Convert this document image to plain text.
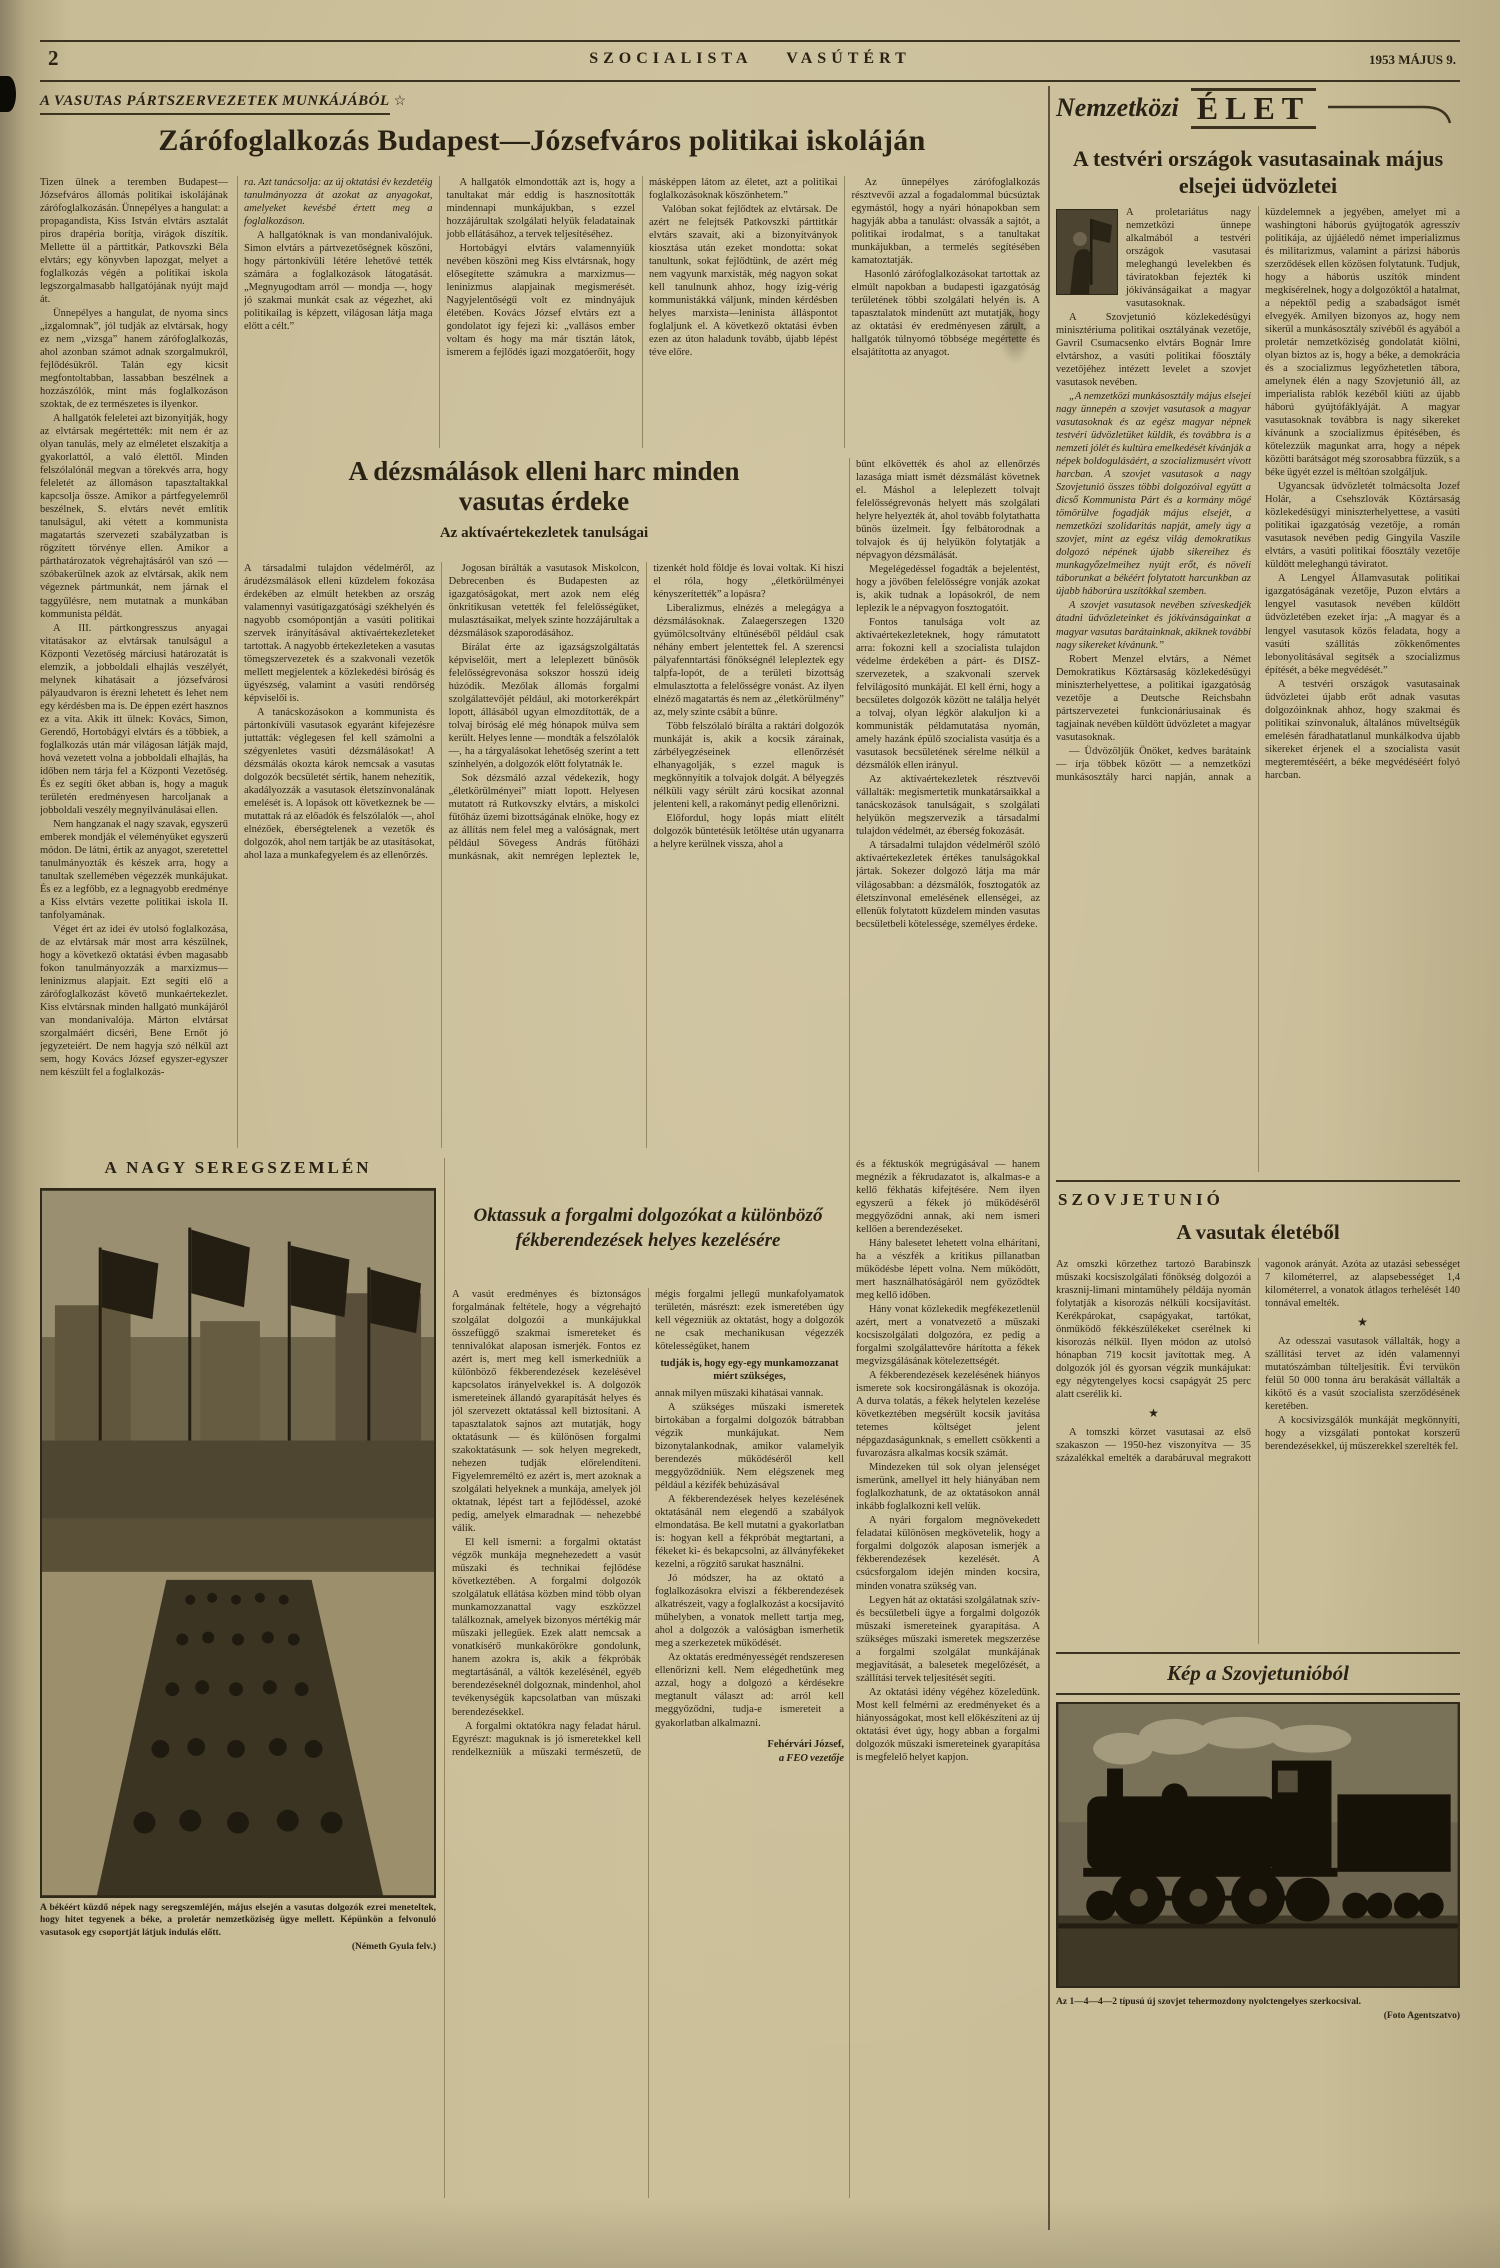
2	SZOCIALISTA VASÚTÉRT	1953 MÁJUS 9.
A VASUTAS PÁRTSZERVEZETEK MUNKÁJÁBÓL ☆	Nemzetközi ÉLET
Zárófoglalkozás Budapest—Józsefváros politikai iskoláján

Tizen ülnek a teremben Budapest—Józsefváros állomás politikai iskolájának zárófoglalkozásán. Ünnepélyes a hangulat: a propagandista, Kiss István elvtárs asztalát piros drapéria borítja, virágok díszítik. Mellette ül a párttitkár, Patkovszki Béla elvtárs; egy könyvben lapozgat, melyet a foglalkozás végén a politikai iskola legszorgalmasabb hallgatójának nyújt majd át.

Ünnepélyes a hangulat, de nyoma sincs „izgalomnak”, jól tudják az elvtársak, hogy ez nem „vizsga” hanem zárófoglalkozás, ahol azonban számot adnak szorgalmukról, fejlődésükről. Talán egy kicsit megfontoltabban, lassabban beszélnek a hozzászólók, mint más foglalkozáson szoktak, de ez természetes is ilyenkor.

A hallgatók feleletei azt bizonyítják, hogy az elvtársak megértették: mit nem ér az olyan tanulás, mely az elméletet elszakítja a gyakorlattól, a való élettől. Minden felszólalónál megvan a törekvés arra, hogy feleletét az állomáson tapasztaltakkal kapcsolja össze. Amikor a pártfegyelemről beszélnek, S. elvtárs nevét említik tanulságul, aki vétett a kommunista magatartás szervezeti szabályzatban is rögzített törvénye ellen. Amikor a párthatározatok végrehajtásáról van szó — szóbakerülnek azok az elvtársak, akik nem végeznek pártmunkát, nem járnak el taggyűlésre, nem mutatnak a munkában kommunista példát.

A III. pártkongresszus anyagai vitatásakor az elvtársak tanulságul a Központi Vezetőség márciusi határozatát is elemzik, a jobboldali elhajlás veszélyét, melynek kihatásait a józsefvárosi pályaudvaron is érezni lehetett és lehet nem egy kérdésben ma is. De éppen ezért hasznos ez a vita. Akik itt ülnek: Kovács, Simon, Gerendő, Hortobágyi elvtárs és a többiek, a foglalkozás után már világosan látják majd, hová vezetett volna a jobboldali elhajlás, ha időben nem tárja fel a Központi Vezetőség. És ez segíti őket abban is, hogy a maguk területén eredményesen harcoljanak a jobboldali veszély megnyilvánulásai ellen.

Nem hangzanak el nagy szavak, egyszerű emberek mondják el véleményüket egyszerű módon. De látni, értik az anyagot, szeretettel tanulmányozták és készek arra, hogy a tanultak szellemében végezzék munkájukat. És ez a legfőbb, ez a legnagyobb eredménye a Kiss elvtárs vezette politikai iskola II. tanfolyamának.

Véget ért az idei év utolsó foglalkozása, de az elvtársak már most arra készülnek, hogy a következő oktatási évben magasabb fokon tanulmányozzák a marxizmus—leninizmus alapjait. Ezt segíti elő a zárófoglalkozást követő munkaértekezlet. Kiss elvtársnak minden hallgató munkájáról van mondanivalója. Márton elvtársat szorgalmáért dicséri, Bene Ernőt jó jegyzeteiért. De nem hagyja szó nélkül azt sem, hogy Kovács József egyszer-egyszer nem készült fel a foglalkozás-

ra. Azt tanácsolja: az új oktatási év kezdetéig tanulmányozza át azokat az anyagokat, amelyeket kevésbé értett meg a foglalkozáson.

A hallgatóknak is van mondanivalójuk. Simon elvtárs a pártvezetőségnek köszöni, hogy pártonkívüli létére lehetővé tették számára a foglalkozások látogatását. „Megnyugodtam arról — mondja —, hogy jó szakmai munkát csak az végezhet, aki politikailag is képzett, világosan látja maga előtt a célt.”

A hallgatók elmondották azt is, hogy a tanultakat már eddig is hasznosították mindennapi munkájukban, s ezzel hozzájárultak szolgálati helyük feladatainak jobb ellátásához, a tervek teljesítéséhez.

Hortobágyi elvtárs valamennyiük nevében köszöni meg Kiss elvtársnak, hogy elősegítette számukra a marxizmus—leninizmus alapjainak megismerését. Nagyjelentőségű volt ez mindnyájuk életében. Kovács József elvtárs ezt a gondolatot így fejezi ki: „vallásos ember voltam és hogy ma már tisztán látok, ismerem a fejlődés igazi mozgatóerőit, hogy másképpen látom az életet, azt a politikai foglalkozásoknak köszönhetem.”

Valóban sokat fejlődtek az elvtársak. De azért ne felejtsék Patkovszki párttitkár elvtárs szavait, aki a bizonyítványok kiosztása után ezeket mondotta: sokat tanultunk, sokat fejlődtünk, de azért még nem vagyunk marxisták, még nagyon sokat kell tanulnunk ahhoz, hogy ízig-vérig kommunistákká váljunk, minden kérdésben helyes marxista—leninista álláspontot foglaljunk el. A következő oktatási évben ezen az úton haladunk tovább, újabb lépést téve előre.

Az ünnepélyes zárófoglalkozás résztvevői azzal a fogadalommal búcsúztak egymástól, hogy a nyári hónapokban sem hagyják abba a tanulást: olvassák a sajtót, a politikai irodalmat, s a tanultakat munkájukban, a termelés segítésében kamatoztatják.

Hasonló zárófoglalkozásokat tartottak az elmúlt napokban a budapesti igazgatóság területének többi szolgálati helyén is. A tapasztalatok mindenütt azt mutatják, hogy az oktatási év eredményesen zárult, a hallgatók túlnyomó többsége megértette és elsajátította az anyagot.

A dézsmálások elleni harc minden vasutas érdeke
Az aktívaértekezletek tanulságai

A társadalmi tulajdon védelméről, az árudézsmálások elleni küzdelem fokozása érdekében az elmúlt hetekben az ország valamennyi vasútigazgatósági székhelyén és nagyobb csomópontján a vasúti politikai szervek irányításával aktívaértekezleteket tartottak. A nagyobb értekezleteken a vasutas tömegszervezetek és a szakvonali vezetők mellett megjelentek a közlekedési bíróság és ügyészség, valamint a vasúti rendőrség képviselői is.

A tanácskozásokon a kommunista és pártonkívüli vasutasok egyaránt kifejezésre juttatták: véglegesen fel kell számolni a szégyenletes vasúti dézsmálásokat! A dézsmálás okozta károk nemcsak a vasutas dolgozók becsületét sértik, hanem nehezítik, akadályozzák a vasutasok életszínvonalának emelését is. A lopások ott következnek be — mutattak rá az előadók és felszólalók —, ahol elnézőek, éberségtelenek a vezetők és dolgozók, ahol nem tartják be az utasításokat, ahol laza a munkafegyelem és az ellenőrzés.

Jogosan bírálták a vasutasok Miskolcon, Debrecenben és Budapesten az igazgatóságokat, mert azok nem elég önkritikusan vetették fel felelősségüket, mulasztásaikat, melyek szinte hozzájárultak a dézsmálások szaporodásához.

Bírálat érte az igazságszolgáltatás képviselőit, mert a leleplezett bűnösök felelősségrevonása sokszor hosszú ideig húzódik. Mezőlak állomás forgalmi szolgálattevőjét például, aki motorkerékpárt lopott, állásából ugyan elmozdították, de a tolvaj bíróság elé még hónapok múlva sem került. Helyes lenne — mondták a felszólalók —, ha a tárgyalásokat lehetőség szerint a tett színhelyén, a dolgozók előtt folytatnák le.

Sok dézsmáló azzal védekezik, hogy „életkörülményei” miatt lopott. Helyesen mutatott rá Rutkovszky elvtárs, a miskolci fűtőház üzemi bizottságának elnöke, hogy ez az állítás nem felel meg a valóságnak, mert például Sövegess András fűtőházi munkásnak, akit nemrégen lepleztek le, tizenkét hold földje és lovai voltak. Ki hiszi el róla, hogy „életkörülményei kényszerítették” a lopásra?

Liberalizmus, elnézés a melegágya a dézsmálásoknak. Zalaegerszegen 1320 gyümölcsoltvány eltűnéséből például csak néhány embert jelentettek fel. A szerencsi pályafenntartási főnökségnél lelepleztek egy talpfa-lopót, de a területi bizottság elmulasztotta a felelősségre vonást. Az ilyen elnéző magatartás és nem az „életkörülmény” az, mely szinte csábít a bűnre.

Több felszólaló bírálta a raktári dolgozók munkáját is, akik a kocsik zárainak, zárbélyegzéseinek ellenőrzését elhanyagolják, s ezzel maguk is megkönnyítik a tolvajok dolgát. A bélyegzés nélküli vagy sérült zárú kocsikat azonnal jelenteni kell, a rakományt pedig ellenőrizni.

Előfordul, hogy lopás miatt elítélt dolgozók büntetésük letöltése után ugyanarra a helyre kerülnek vissza, ahol a

bűnt elkövették és ahol az ellenőrzés lazasága miatt ismét dézsmálást követnek el. Máshol a leleplezett tolvajt felelősségrevonás helyett más szolgálati helyre helyezték át, ahol tovább folytathatta bűnös üzelmeit. Így felbátorodnak a tolvajok és új helyükön folytatják a népvagyon dézsmálását.

Megelégedéssel fogadták a bejelentést, hogy a jövőben felelősségre vonják azokat is, akik tudnak a lopásokról, de nem leplezik le a népvagyon fosztogatóit.

Fontos tanulsága volt az aktívaértekezleteknek, hogy rámutatott arra: fokozni kell a szocialista tulajdon védelme érdekében a párt- és DISZ-szervezetek, a szakvonali szervek felvilágosító munkáját. El kell érni, hogy a becsületes dolgozók között ne találja helyét a tolvaj, olyan légkör alakuljon ki a kommunisták példamutatása nyomán, amely hazánk épülő szocialista vasútja és a vasutasok becsületének sérelme nélkül a dézsmálók ellen irányul.

Az aktívaértekezletek résztvevői vállalták: megismertetik munkatársaikkal a tanácskozások tanulságait, s szolgálati helyükön megszervezik a társadalmi tulajdon védelmét, az éberség fokozását.

A társadalmi tulajdon védelméről szóló aktívaértekezletek értékes tanulságokkal jártak. Sokezer dolgozó látja ma már világosabban: a dézsmálók, fosztogatók az életszínvonal emelésének ellenségei, az ellenük folytatott küzdelem minden vasutas becsületbeli kötelessége, személyes érdeke.

A NAGY SEREGSZEMLÉN
A békéért küzdő népek nagy seregszemléjén, május elsején a vasutas dolgozók ezrei meneteltek, hogy hitet tegyenek a béke, a proletár nemzetköziség ügye mellett. Képünkön a felvonuló vasutasok egy csoportját látjuk indulás előtt.
(Németh Gyula felv.)
Oktassuk a forgalmi dolgozókat a különböző fékberendezések helyes kezelésére

A vasút eredményes és biztonságos forgalmának feltétele, hogy a végrehajtó szolgálat dolgozói a munkájukkal összefüggő szakmai ismereteket és tennivalókat alaposan ismerjék. Fontos ez azért is, mert meg kell ismerkedniük a különböző fékberendezések kezelésével kapcsolatos irányelvekkel is. A dolgozók ismereteinek állandó gyarapítását helyes és jól szervezett oktatással kell biztosítani. A tapasztalatok sajnos azt mutatják, hogy oktatásunk — és különösen forgalmi szakoktatásunk — sok helyen megrekedt, nehezen tudják előrelendíteni. Figyelemreméltó ez azért is, mert azoknak a szolgálati helyeknek a munkája, amelyek jól oktatnak, lépést tart a fejlődéssel, azoké pedig, amelyek elmaradnak — nehezebbé válik.

El kell ismerni: a forgalmi oktatást végzők munkája megnehezedett a vasút műszaki és technikai fejlődése következtében. A forgalmi dolgozók szolgálatuk ellátása közben mind több olyan munkamozzanattal vagy eszközzel találkoznak, amelyek bizonyos mértékig már műszaki jellegűek. Ezek alatt nemcsak a vonatkísérő munkakörökre gondolunk, hanem azokra is, akik a fékpróbák megtartásánál, a váltók kezelésénél, egyéb berendezéseknél dolgoznak, mindenhol, ahol tevékenységük kapcsolatban van műszaki berendezésekkel.

A forgalmi oktatókra nagy feladat hárul. Egyrészt: maguknak is jó ismeretekkel kell rendelkezniük a műszaki természetű, de mégis forgalmi jellegű munkafolyamatok területén, másrészt: ezek ismeretében úgy kell végezniük az oktatást, hogy a dolgozók ne csak mechanikusan végezzék kötelességüket, hanem

tudják is, hogy egy-egy munkamozzanat miért szükséges,

annak milyen műszaki kihatásai vannak.

A szükséges műszaki ismeretek birtokában a forgalmi dolgozók bátrabban végzik munkájukat. Nem bizonytalankodnak, amikor valamelyik berendezés működéséről kell meggyőződniük. Nem elégszenek meg például a kézifék behúzásával

A fékberendezések helyes kezelésének oktatásánál nem elegendő a szabályok elmondatása. Be kell mutatni a gyakorlatban is: hogyan kell a fékpróbát megtartani, a fékeket ki- és bekapcsolni, az állványfékeket kezelni, a rögzítő sarukat használni.

Jó módszer, ha az oktató a foglalkozásokra elviszi a fékberendezések alkatrészeit, vagy a foglalkozást a kocsijavító műhelyben, a vonatok mellett tartja meg, ahol a dolgozók a valóságban ismerhetik meg a szerkezetek működését.

Az oktatás eredményességét rendszeresen ellenőrizni kell. Nem elégedhetünk meg azzal, hogy a dolgozó a kérdésekre megtanult választ ad: arról kell meggyőződni, tudja-e ismereteit a gyakorlatban alkalmazni.

Fehérvári József,

a FEO vezetője

és a féktuskók megrúgásával — hanem megnézik a fékrudazatot is, alkalmas-e a kellő fékhatás kifejtésére. Nem ilyen egyszerű a fékek jó működéséről meggyőződni annak, aki nem ismeri kellően a berendezéseket.

Hány balesetet lehetett volna elhárítani, ha a vészfék a kritikus pillanatban működésbe lépett volna. Nem működött, mert használhatóságáról nem győződtek meg kellő időben.

Hány vonat közlekedik megfékezetlenül azért, mert a vonatvezető a műszaki kocsiszolgálati dolgozóra, ez pedig a forgalmi szolgálattevőre hárította a fékek megvizsgálásának kötelezettségét.

A fékberendezések kezelésének hiányos ismerete sok kocsirongálásnak is okozója. A durva tolatás, a fékek helytelen kezelése következtében megsérült kocsik javítása tetemes költséget jelent népgazdaságunknak, s emellett csökkenti a fuvarozásra alkalmas kocsik számát.

Mindezeken túl sok olyan jelenséget ismerünk, amellyel itt hely hiányában nem foglalkozhatunk, de az oktatásokon annál inkább foglalkozni kell velük.

A nyári forgalom megnövekedett feladatai különösen megkövetelik, hogy a forgalmi dolgozók alaposan ismerjék a fékberendezések kezelését. A csúcsforgalom idején minden kocsira, minden vonatra szükség van.

Legyen hát az oktatási szolgálatnak szív- és becsületbeli ügye a forgalmi dolgozók műszaki ismereteinek gyarapítása. A szükséges műszaki ismeretek megszerzése a forgalmi szolgálat munkájának megjavítását, a balesetek megelőzését, a szállítási tervek teljesítését segíti.

Az oktatási idény végéhez közeledünk. Most kell felmérni az eredményeket és a hiányosságokat, most kell előkészíteni az új oktatási évet úgy, hogy abban a forgalmi dolgozók műszaki ismereteinek gyarapítása is megfelelő helyet kapjon.

A testvéri országok vasutasainak május elsejei üdvözletei

A proletariátus nagy nemzetközi ünnepe alkalmából a testvéri országok vasutasai meleghangú levelekben és táviratokban fejezték ki jókívánságaikat a magyar vasutasoknak.

A Szovjetunió közlekedésügyi minisztériuma politikai osztályának vezetője, Gavril Csumacsenko elvtárs Bognár Imre elvtárshoz, a vasúti politikai főosztály vezetőjéhez intézett levelet a szovjet vasutasok nevében.

„A nemzetközi munkásosztály május elsejei nagy ünnepén a szovjet vasutasok a magyar vasutasoknak és az egész magyar népnek testvéri üdvözletüket küldik, és továbbra is a nemzeti jólét és kultúra emelkedését kívánják a népek boldogulásáért, a szocializmusért vívott harcban. A szovjet vasutasok a nagy Szovjetunió összes többi dolgozóival együtt a dicső Kommunista Párt és a kormány mögé tömörülve fogadják május elsejét, a nemzetközi szolidaritás napját, amely úgy a szovjet, mint az egész világ demokratikus dolgozó népének újabb sikereihez és munkagyőzelmeihez nyújt erőt, és növeli táborunkat a békéért folytatott harcunkban az újabb háborúra uszítókkal szemben.

A szovjet vasutasok nevében szíveskedjék átadni üdvözleteinket és jókívánságainkat a magyar vasutas barátainknak, akiknek további nagy sikereket kívánunk.”

Robert Menzel elvtárs, a Német Demokratikus Köztársaság közlekedésügyi miniszterhelyettese, a politikai igazgatóság vezetője a Deutsche Reichsbahn pártszervezetei funkcionáriusainak és tagjainak nevében küldött üdvözletet a magyar vasutasoknak.

— Üdvözöljük Önöket, kedves barátaink — írja többek között — a nemzetközi munkásosztály harci napján, annak a küzdelemnek a jegyében, amelyet mi a washingtoni háborús gyújtogatók agresszív politikája, az újjáéledő német imperializmus és militarizmus, valamint a párizsi háborús szerződések ellen közösen folytatunk. Tudjuk, hogy a háborús uszítók mindent megkísérelnek, hogy a dolgozóktól a hatalmat, a népektől pedig a szabadságot ismét elvegyék. Amilyen bizonyos az, hogy nem sikerül a munkásosztály szívéből és agyából a proletár nemzetköziség gondolatát kiölni, olyan biztos az is, hogy a béke, a demokrácia és a szocializmus legyőzhetetlen tábora, amelynek élén a nagy Szovjetunió áll, az imperialista rablók kezéből kiüti az újabb háború gyújtófáklyáját. A magyar vasutasoknak továbbra is nagy sikereket kívánunk a szocializmus építésében, és kötelezzük magunkat arra, hogy a népek közötti barátságot még szorosabbra fűzzük, s a béke ügyét ezzel is méltóan szolgáljuk.

Ugyancsak üdvözletét tolmácsolta Jozef Holár, a Csehszlovák Köztársaság közlekedésügyi miniszterhelyettese, a vasúti politikai igazgatóság vezetője, a román vasutasok nevében pedig Gingyila Vaszile elvtárs, a vasúti politikai főosztály vezetője küldött meleghangú táviratot.

A Lengyel Államvasutak politikai igazgatóságának vezetője, Puzon elvtárs a lengyel vasutasok nevében küldött üdvözletében ezeket írja: „A magyar és a lengyel vasutasok közös feladata, hogy a vasúti szállítás zökkenőmentes lebonyolításával segítsék a szocializmus építését, a béke megvédését.”

A testvéri országok vasutasainak üdvözletei újabb erőt adnak vasutas dolgozóinknak ahhoz, hogy szakmai és politikai színvonaluk, általános műveltségük emelésén fáradhatatlanul munkálkodva újabb sikereket érjenek el a szocialista vasút megteremtéséért, a béke megvédéséért folyó harcban.

SZOVJETUNIÓ
A vasutak életéből

Az omszki körzethez tartozó Barabinszk műszaki kocsiszolgálati főnökség dolgozói a krasznij-limani mintaműhely példája nyomán folytatják a kisorozás nélküli kocsijavítást. Kerékpárokat, csapágyakat, tartókat, önműködő fékkészülékeket cserélnek ki kisorozás nélkül. Ilyen módon az utolsó hónapban 719 kocsit javítottak meg. A dolgozók jól és gyorsan végzik munkájukat: egy négytengelyes kocsi csapágyát 25 perc alatt cserélik ki.

★

A tomszki körzet vasutasai az első szakaszon — 1950-hez viszonyítva — 35 százalékkal emelték a darabáruval megrakott vagonok arányát. Azóta az utazási sebességet 7 kilométerrel, az alapsebességet 1,4 kilométerrel, a vonatok átlagos terhelését 140 tonnával emelték.

★

Az odesszai vasutasok vállalták, hogy a szállítási tervet az idén valamennyi mutatószámban túlteljesítik. Évi tervükön felül 50 000 tonna áru berakását vállalták a kikötő és a vasút szocialista szerződésének keretében.

A kocsivizsgálók munkáját megkönnyíti, hogy a vizsgálati pontokat korszerű berendezésekkel, új műszerekkel szerelték fel.

Kép a Szovjetunióból
Az 1—4—4—2 típusú új szovjet tehermozdony nyolctengelyes szerkocsival.
(Foto Agentszatvo)
